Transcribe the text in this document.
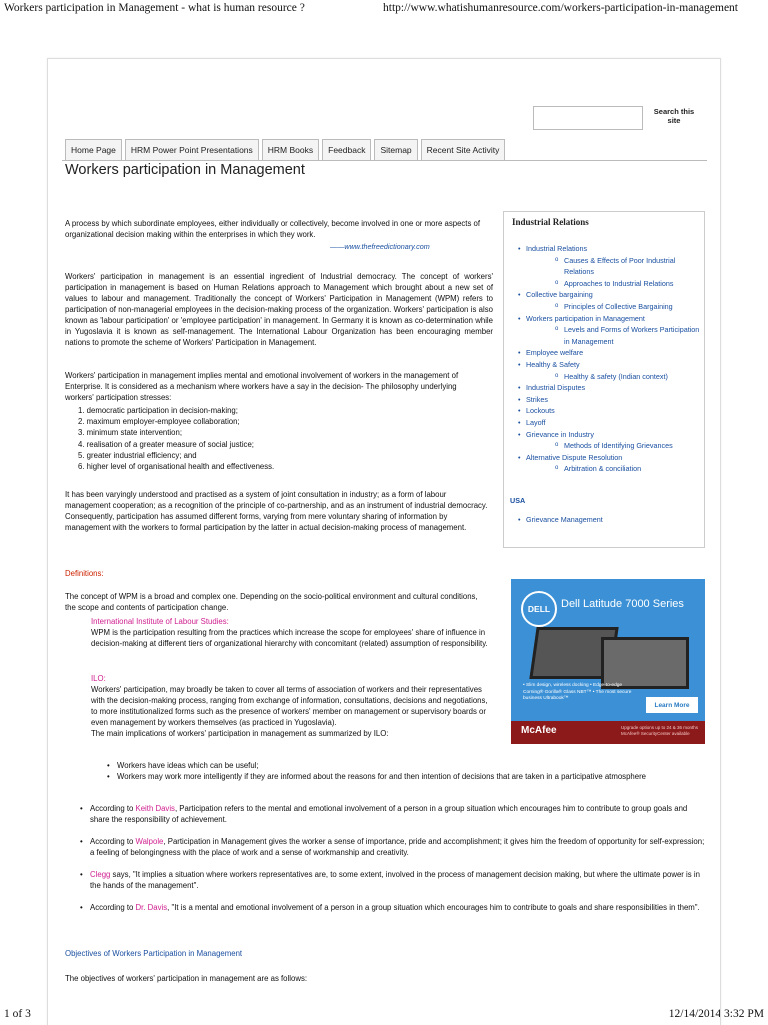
Workers participation in Management - what is human resource ?	http://www.whatishumanresource.com/workers-participation-in-management
1 of 3	12/14/2014 3:32 PM
Search this site
Home Page	HRM Power Point Presentations	HRM Books	Feedback	Sitemap	Recent Site Activity
Workers participation in Management

A process by which subordinate employees, either individually or collectively, become involved in one or more aspects of organizational decision making within the enterprises in which they work.

——www.thefreedictionary.com

Workers' participation in management is an essential ingredient of Industrial democracy. The concept of workers' participation in management is based on Human Relations approach to Management which brought about a new set of values to labour and management. Traditionally the concept of Workers' Participation in Management (WPM) refers to participation of non-managerial employees in the decision-making process of the organization. Workers' participation is also known as 'labour participation' or 'employee participation' in management. In Germany it is known as co-determination while in Yugoslavia it is known as self-management. The International Labour Organization has been encouraging member nations to promote the scheme of Workers' Participation in Management.

Workers' participation in management implies mental and emotional involvement of workers in the management of Enterprise. It is considered as a mechanism where workers have a say in the decision- The philosophy underlying workers' participation stresses:

1. democratic participation in decision-making;
2. maximum employer-employee collaboration;
3. minimum state intervention;
4. realisation of a greater measure of social justice;
5. greater industrial efficiency; and
6. higher level of organisational health and effectiveness.

It has been varyingly understood and practised as a system of joint consultation in industry; as a form of labour management cooperation; as a recognition of the principle of co-partnership, and as an instrument of industrial democracy. Consequently, participation has assumed different forms, varying from mere voluntary sharing of information by management with the workers to formal participation by the latter in actual decision-making process of management.

Definitions:

The concept of WPM is a broad and complex one. Depending on the socio-political environment and cultural conditions, the scope and contents of participation change.

International Institute of Labour Studies:
WPM is the participation resulting from the practices which increase the scope for employees' share of influence in decision-making at different tiers of organizational hierarchy with concomitant (related) assumption of responsibility.
ILO:
Workers' participation, may broadly be taken to cover all terms of association of workers and their representatives with the decision-making process, ranging from exchange of information, consultations, decisions and negotiations, to more institutionalized forms such as the presence of workers' member on management or supervisory boards or even management by workers themselves (as practiced in Yugoslavia).
The main implications of workers' participation in management as summarized by ILO:
• Workers have ideas which can be useful;
• Workers may work more intelligently if they are informed about the reasons for and then intention of decisions that are taken in a participative atmosphere
• According to Keith Davis, Participation refers to the mental and emotional involvement of a person in a group situation which encourages him to contribute to group goals and share the responsibility of achievement.
• According to Walpole, Participation in Management gives the worker a sense of importance, pride and accomplishment; it gives him the freedom of opportunity for self-expression; a feeling of belongingness with the place of work and a sense of workmanship and creativity.
• Clegg says, "It implies a situation where workers representatives are, to some extent, involved in the process of management decision making, but where the ultimate power is in the hands of the management".
• According to Dr. Davis, "It is a mental and emotional involvement of a person in a group situation which encourages him to contribute to goals and share responsibilities in them".

Objectives of Workers Participation in Management

The objectives of workers' participation in management are as follows:

Industrial Relations
• Industrial Relations
o Causes & Effects of Poor Industrial Relations
o Approaches to Industrial Relations
• Collective bargaining
o Principles of Collective Bargaining
• Workers participation in Management
o Levels and Forms of Workers Participation in Management
• Employee welfare
• Healthy & Safety
o Healthy & safety (Indian context)
• Industrial Disputes
• Strikes
• Lockouts
• Layoff
• Grievance in Industry
o Methods of Identifying Grievances
• Alternative Dispute Resolution
o Arbitration & conciliation
USA
• Grievance Management
DELL Dell Latitude 7000 Series
• Slim design, wireless docking • Edge-to-edge Corning® Gorilla® Glass NBT™ • The most secure business Ultrabook™
Learn More
McAfee	Upgrade options up to 24 & 36 months McAfee® SecurityCenter available
